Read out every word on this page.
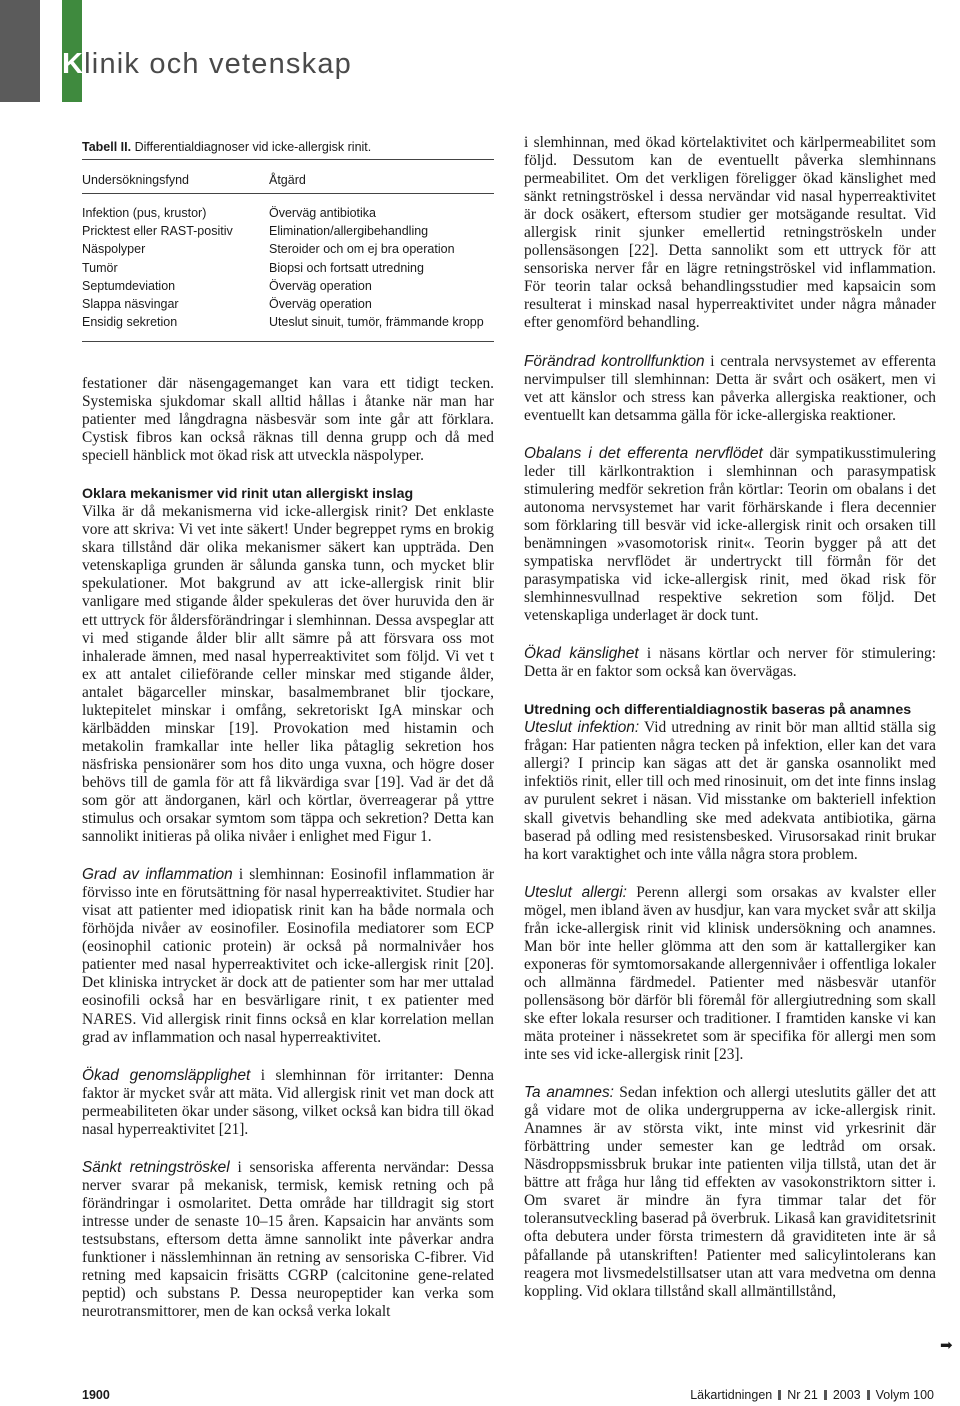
Klinik och vetenskap
Tabell II. Differentialdiagnoser vid icke-allergisk rinit.
Undersökningsfynd	Åtgärd
Infektion (pus, krustor)	Överväg antibiotika
Pricktest eller RAST-positiv	Elimination/allergibehandling
Näspolyper	Steroider och om ej bra operation
Tumör	Biopsi och fortsatt utredning
Septumdeviation	Överväg operation
Slappa näsvingar	Överväg operation
Ensidig sekretion	Uteslut sinuit, tumör, främmande kropp

festationer där näsengagemanget kan vara ett tidigt tecken. Systemiska sjukdomar skall alltid hållas i åtanke när man har patienter med långdragna näsbesvär som inte går att förklara. Cystisk fibros kan också räknas till denna grupp och då med speciell hänblick mot ökad risk att utveckla näspolyper.

Oklara mekanismer vid rinit utan allergiskt inslag

Vilka är då mekanismerna vid icke-allergisk rinit? Det enklaste vore att skriva: Vi vet inte säkert! Under begreppet ryms en brokig skara tillstånd där olika mekanismer säkert kan uppträda. Den vetenskapliga grunden är sålunda ganska tunn, och mycket blir spekulationer. Mot bakgrund av att icke-allergisk rinit blir vanligare med stigande ålder spekuleras det över huruvida den är ett uttryck för åldersförändringar i slemhinnan. Dessa avspeglar att vi med stigande ålder blir allt sämre på att försvara oss mot inhalerade ämnen, med nasal hyperreaktivitet som följd. Vi vet t ex att antalet cilieförande celler minskar med stigande ålder, antalet bägarceller minskar, basalmembranet blir tjockare, luktepitelet minskar i omfång, sekretoriskt IgA minskar och kärlbädden minskar [19]. Provokation med histamin och metakolin framkallar inte heller lika påtaglig sekretion hos näsfriska pensionärer som hos dito unga vuxna, och högre doser behövs till de gamla för att få likvärdiga svar [19]. Vad är det då som gör att ändorganen, kärl och körtlar, överreagerar på yttre stimulus och orsakar symtom som täppa och sekretion? Detta kan sannolikt initieras på olika nivåer i enlighet med Figur 1.

Grad av inflammation i slemhinnan: Eosinofil inflammation är förvisso inte en förutsättning för nasal hyperreaktivitet. Studier har visat att patienter med idiopatisk rinit kan ha både normala och förhöjda nivåer av eosinofiler. Eosinofila mediatorer som ECP (eosinophil cationic protein) är också på normalnivåer hos patienter med nasal hyperreaktivitet och icke-allergisk rinit [20]. Det kliniska intrycket är dock att de patienter som har mer uttalad eosinofili också har en besvärligare rinit, t ex patienter med NARES. Vid allergisk rinit finns också en klar korrelation mellan grad av inflammation och nasal hyperreaktivitet.

Ökad genomsläpplighet i slemhinnan för irritanter: Denna faktor är mycket svår att mäta. Vid allergisk rinit vet man dock att permeabiliteten ökar under säsong, vilket också kan bidra till ökad nasal hyperreaktivitet [21].

Sänkt retningströskel i sensoriska afferenta nervändar: Dessa nerver svarar på mekanisk, termisk, kemisk retning och på förändringar i osmolaritet. Detta område har tilldragit sig stort intresse under de senaste 10–15 åren. Kapsaicin har använts som testsubstans, eftersom detta ämne sannolikt inte påverkar andra funktioner i nässlemhinnan än retning av sensoriska C-fibrer. Vid retning med kapsaicin frisätts CGRP (calcitonine gene-related peptid) och substans P. Dessa neuropeptider kan verka som neurotransmittorer, men de kan också verka lokalt

i slemhinnan, med ökad körtelaktivitet och kärlpermeabilitet som följd. Dessutom kan de eventuellt påverka slemhinnans permeabilitet. Om det verkligen föreligger ökad känslighet med sänkt retningströskel i dessa nervändar vid nasal hyperreaktivitet är dock osäkert, eftersom studier ger motsägande resultat. Vid allergisk rinit sjunker emellertid retningströskeln under pollensäsongen [22]. Detta sannolikt som ett uttryck för att sensoriska nerver får en lägre retningströskel vid inflammation. För teorin talar också behandlingsstudier med kapsaicin som resulterat i minskad nasal hyperreaktivitet under några månader efter genomförd behandling.

Förändrad kontrollfunktion i centrala nervsystemet av efferenta nervimpulser till slemhinnan: Detta är svårt och osäkert, men vi vet att känslor och stress kan påverka allergiska reaktioner, och eventuellt kan detsamma gälla för icke-allergiska reaktioner.

Obalans i det efferenta nervflödet där sympatikusstimulering leder till kärlkontraktion i slemhinnan och parasympatisk stimulering medför sekretion från körtlar: Teorin om obalans i det autonoma nervsystemet har varit förhärskande i flera decennier som förklaring till besvär vid icke-allergisk rinit och orsaken till benämningen »vasomotorisk rinit«. Teorin bygger på att det sympatiska nervflödet är undertryckt till förmån för det parasympatiska vid icke-allergisk rinit, med ökad risk för slemhinnesvullnad respektive sekretion som följd. Det vetenskapliga underlaget är dock tunt.

Ökad känslighet i näsans körtlar och nerver för stimulering: Detta är en faktor som också kan övervägas.

Utredning och differentialdiagnostik baseras på anamnes

Uteslut infektion: Vid utredning av rinit bör man alltid ställa sig frågan: Har patienten några tecken på infektion, eller kan det vara allergi? I princip kan sägas att det är ganska osannolikt med infektiös rinit, eller till och med rinosinuit, om det inte finns inslag av purulent sekret i näsan. Vid misstanke om bakteriell infektion skall givetvis behandling ske med adekvata antibiotika, gärna baserad på odling med resistensbesked. Virusorsakad rinit brukar ha kort varaktighet och inte vålla några stora problem.

Uteslut allergi: Perenn allergi som orsakas av kvalster eller mögel, men ibland även av husdjur, kan vara mycket svår att skilja från icke-allergisk rinit vid klinisk undersökning och anamnes. Man bör inte heller glömma att den som är kattallergiker kan exponeras för symtomorsakande allergennivåer i offentliga lokaler och allmänna färdmedel. Patienter med näsbesvär utanför pollensäsong bör därför bli föremål för allergiutredning som skall ske efter lokala resurser och traditioner. I framtiden kanske vi kan mäta proteiner i nässekretet som är specifika för allergi men som inte ses vid icke-allergisk rinit [23].

Ta anamnes: Sedan infektion och allergi uteslutits gäller det att gå vidare mot de olika undergrupperna av icke-allergisk rinit. Anamnes är av största vikt, inte minst vid yrkesrinit där förbättring under semester kan ge ledtråd om orsak. Näsdroppsmissbruk brukar inte patienten vilja tillstå, utan det är bättre att fråga hur lång tid effekten av vasokonstriktorn sitter i. Om svaret är mindre än fyra timmar talar det för toleransutveckling baserad på överbruk. Likaså kan graviditetsrinit ofta debutera under första trimestern då graviditeten inte är så påfallande på utanskriften! Patienter med salicylintolerans kan reagera mot livsmedelstillsatser utan att vara medvetna om denna koppling. Vid oklara tillstånd skall allmäntillstånd,

➡
1900	Läkartidningen Nr 21 2003 Volym 100
